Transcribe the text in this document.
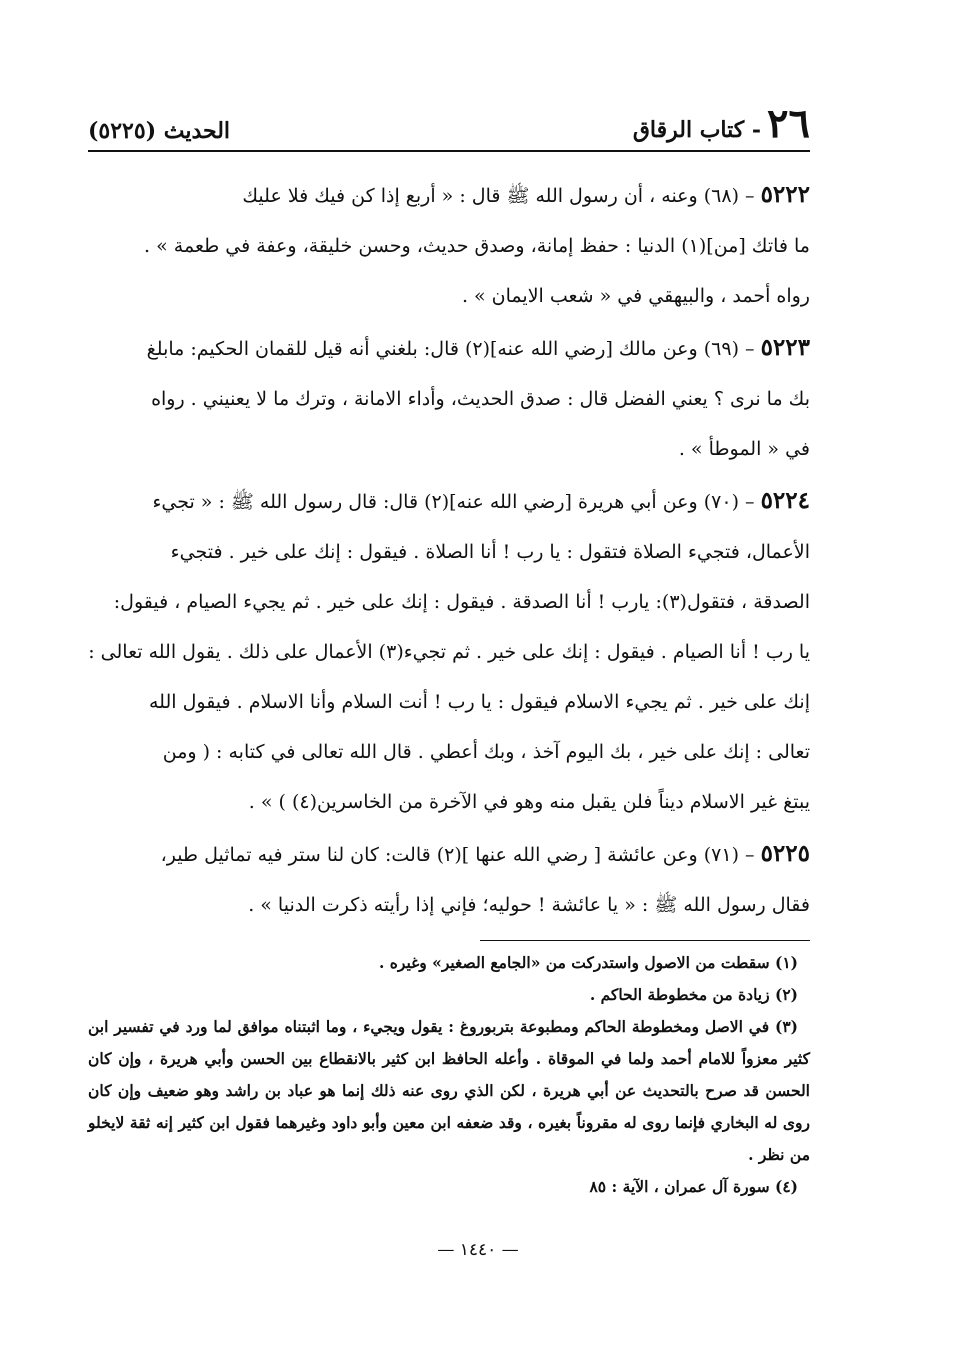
٢٦
- كتاب الرقاق
الحديث (٥٢٢٥)
٥٢٢٢ – (٦٨) وعنه ، أن رسول الله ﷺ قال : « أربع إذا كن فيك فلا عليك
ما فاتك [من](١) الدنيا : حفظ إمانة، وصدق حديث، وحسن خليقة، وعفة في طعمة » .
رواه أحمد ، والبيهقي في « شعب الايمان » .
٥٢٢٣ – (٦٩) وعن مالك [رضي الله عنه](٢) قال: بلغني أنه قيل للقمان الحكيم: مابلغ
بك ما نرى ؟ يعني الفضل قال : صدق الحديث، وأداء الامانة ، وترك ما لا يعنيني . رواه
في « الموطأ » .
٥٢٢٤ – (٧٠) وعن أبي هريرة [رضي الله عنه](٢) قال: قال رسول الله ﷺ : « تجيء
الأعمال، فتجيء الصلاة فتقول : يا رب ! أنا الصلاة . فيقول : إنك على خير . فتجيء
الصدقة ، فتقول(٣): يارب ! أنا الصدقة . فيقول : إنك على خير . ثم يجيء الصيام ، فيقول:
يا رب ! أنا الصيام . فيقول : إنك على خير . ثم تجيء(٣) الأعمال على ذلك . يقول الله تعالى :
إنك على خير . ثم يجيء الاسلام فيقول : يا رب ! أنت السلام وأنا الاسلام . فيقول الله
تعالى : إنك على خير ، بك اليوم آخذ ، وبك أعطي . قال الله تعالى في كتابه : ( ومن
يبتغ غير الاسلام ديناً فلن يقبل منه وهو في الآخرة من الخاسرين(٤) ) » .
٥٢٢٥ – (٧١) وعن عائشة [ رضي الله عنها ](٢) قالت: كان لنا ستر فيه تماثيل طير،
فقال رسول الله ﷺ : « يا عائشة ! حوليه؛ فإني إذا رأيته ذكرت الدنيا » .

(١) سقطت من الاصول واستدركت من «الجامع الصغير» وغيره .

(٢) زيادة من مخطوطة الحاكم .

(٣) في الاصل ومخطوطة الحاكم ومطبوعة بتربوروغ : يقول ويجيء ، وما اثبتناه موافق لما ورد في تفسير ابن كثير معزواً للامام أحمد ولما في الموقاة . وأعله الحافظ ابن كثير بالانقطاع بين الحسن وأبي هريرة ، وإن كان الحسن قد صرح بالتحديث عن أبي هريرة ، لكن الذي روى عنه ذلك إنما هو عباد بن راشد وهو ضعيف وإن كان روى له البخاري فإنما روى له مقروناً بغيره ، وقد ضعفه ابن معين وأبو داود وغيرهما فقول ابن كثير إنه ثقة لايخلو من نظر .

(٤) سورة آل عمران ، الآية : ٨٥

— ١٤٤٠ —
